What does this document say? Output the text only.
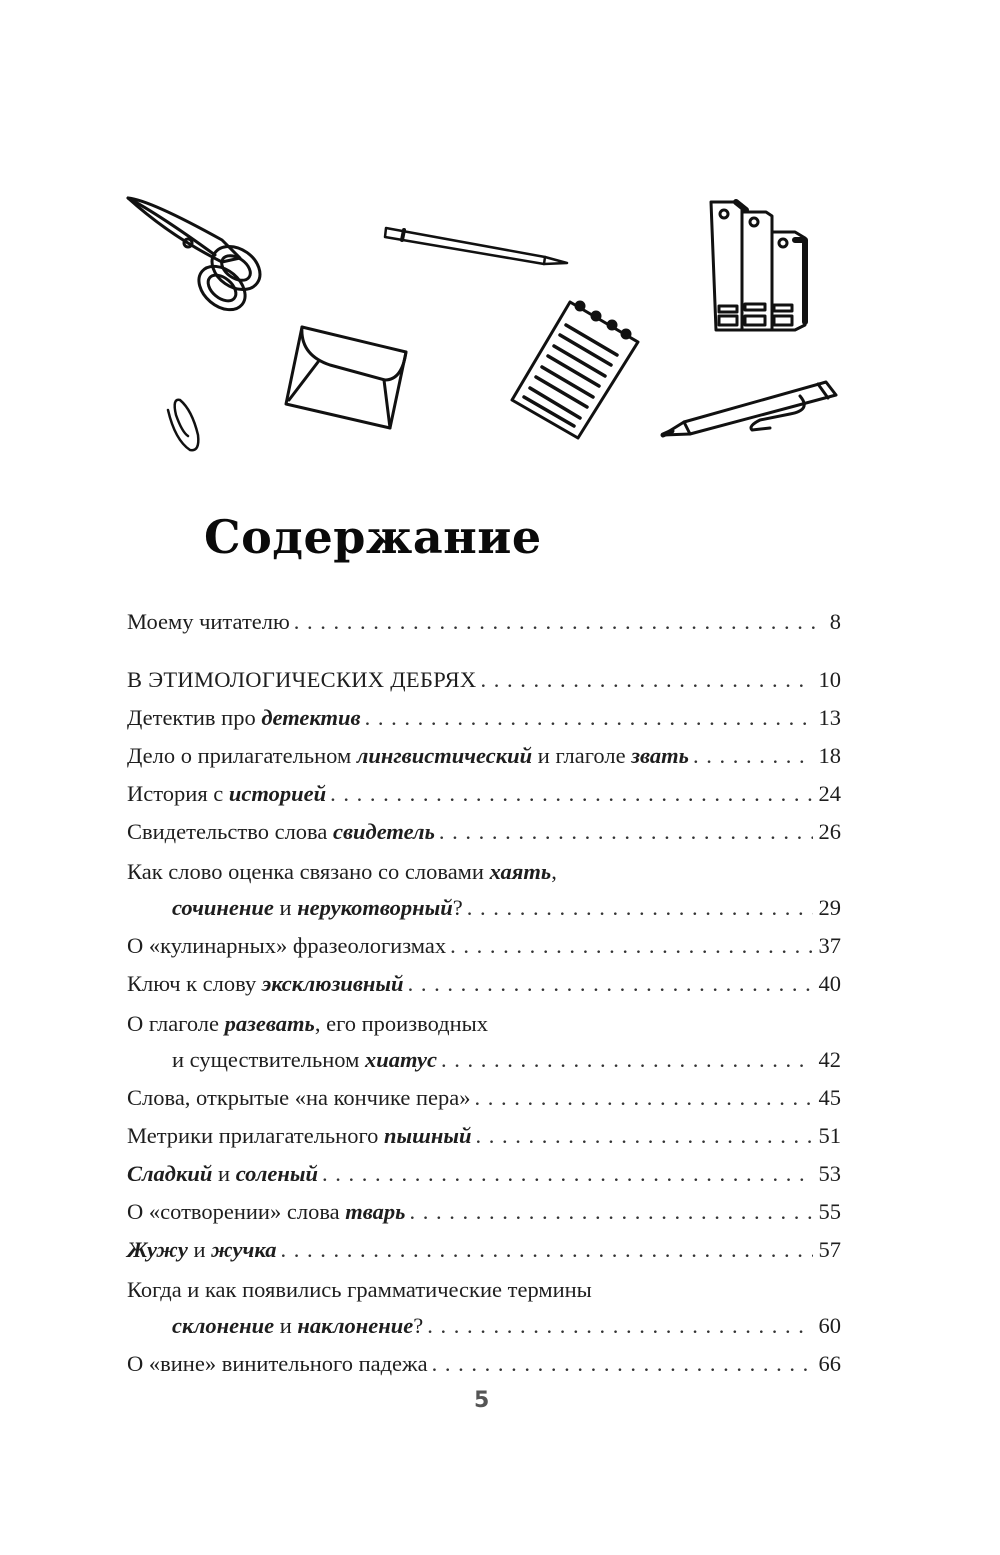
Содержание
Моему читателю . . .	8
В ЭТИМОЛОГИЧЕСКИХ ДЕБРЯХ . . .	10
Детектив про детектив . . .	13
Дело о прилагательном лингвистический и глаголе звать . . .	18
История с историей . . .	24
Свидетельство слова свидетель . . .	26
Как слово оценка связано со словами хаять,
сочинение и нерукотворный? . . .	29
О «кулинарных» фразеологизмах . . .	37
Ключ к слову эксклюзивный . . .	40
О глаголе разевать, его производных
и существительном хиатус . . .	42
Слова, открытые «на кончике пера» . . .	45
Метрики прилагательного пышный . . .	51
Сладкий и соленый . . .	53
О «сотворении» слова тварь . . .	55
Жужу и жучка . . .	57
Когда и как появились грамматические термины
склонение и наклонение? . . .	60
О «вине» винительного падежа . . .	66
5
